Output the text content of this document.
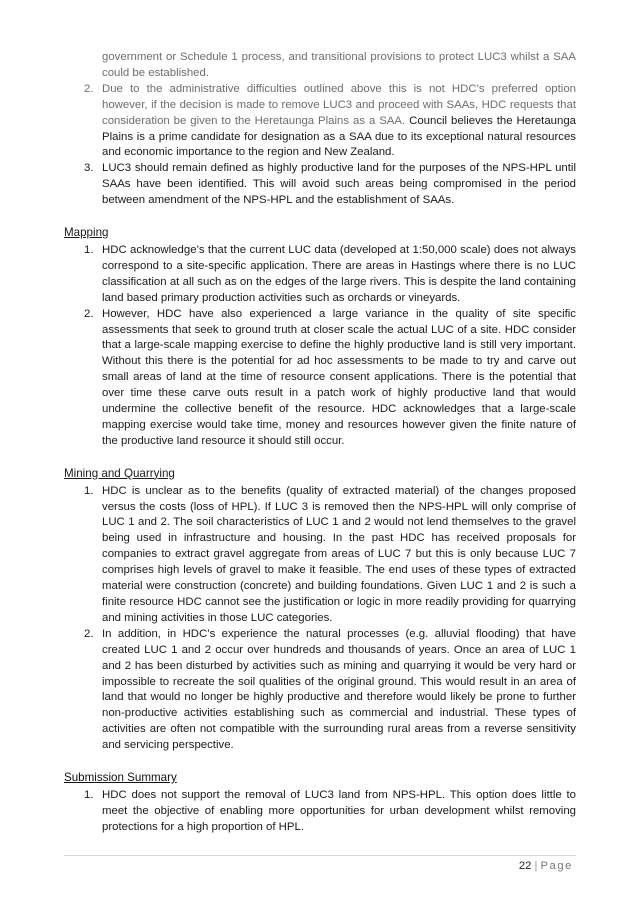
government or Schedule 1 process, and transitional provisions to protect LUC3 whilst a SAA could be established.

2. Due to the administrative difficulties outlined above this is not HDC’s preferred option however, if the decision is made to remove LUC3 and proceed with SAAs, HDC requests that consideration be given to the Heretaunga Plains as a SAA. Council believes the Heretaunga Plains is a prime candidate for designation as a SAA due to its exceptional natural resources and economic importance to the region and New Zealand.
3. LUC3 should remain defined as highly productive land for the purposes of the NPS-HPL until SAAs have been identified. This will avoid such areas being compromised in the period between amendment of the NPS-HPL and the establishment of SAAs.
Mapping
1. HDC acknowledge’s that the current LUC data (developed at 1:50,000 scale) does not always correspond to a site-specific application. There are areas in Hastings where there is no LUC classification at all such as on the edges of the large rivers. This is despite the land containing land based primary production activities such as orchards or vineyards.
2. However, HDC have also experienced a large variance in the quality of site specific assessments that seek to ground truth at closer scale the actual LUC of a site. HDC consider that a large-scale mapping exercise to define the highly productive land is still very important. Without this there is the potential for ad hoc assessments to be made to try and carve out small areas of land at the time of resource consent applications. There is the potential that over time these carve outs result in a patch work of highly productive land that would undermine the collective benefit of the resource. HDC acknowledges that a large-scale mapping exercise would take time, money and resources however given the finite nature of the productive land resource it should still occur.
Mining and Quarrying
1. HDC is unclear as to the benefits (quality of extracted material) of the changes proposed versus the costs (loss of HPL). If LUC 3 is removed then the NPS-HPL will only comprise of LUC 1 and 2. The soil characteristics of LUC 1 and 2 would not lend themselves to the gravel being used in infrastructure and housing. In the past HDC has received proposals for companies to extract gravel aggregate from areas of LUC 7 but this is only because LUC 7 comprises high levels of gravel to make it feasible. The end uses of these types of extracted material were construction (concrete) and building foundations. Given LUC 1 and 2 is such a finite resource HDC cannot see the justification or logic in more readily providing for quarrying and mining activities in those LUC categories.
2. In addition, in HDC’s experience the natural processes (e.g. alluvial flooding) that have created LUC 1 and 2 occur over hundreds and thousands of years. Once an area of LUC 1 and 2 has been disturbed by activities such as mining and quarrying it would be very hard or impossible to recreate the soil qualities of the original ground. This would result in an area of land that would no longer be highly productive and therefore would likely be prone to further non-productive activities establishing such as commercial and industrial. These types of activities are often not compatible with the surrounding rural areas from a reverse sensitivity and servicing perspective.
Submission Summary
1. HDC does not support the removal of LUC3 land from NPS-HPL. This option does little to meet the objective of enabling more opportunities for urban development whilst removing protections for a high proportion of HPL.
22 | Page
